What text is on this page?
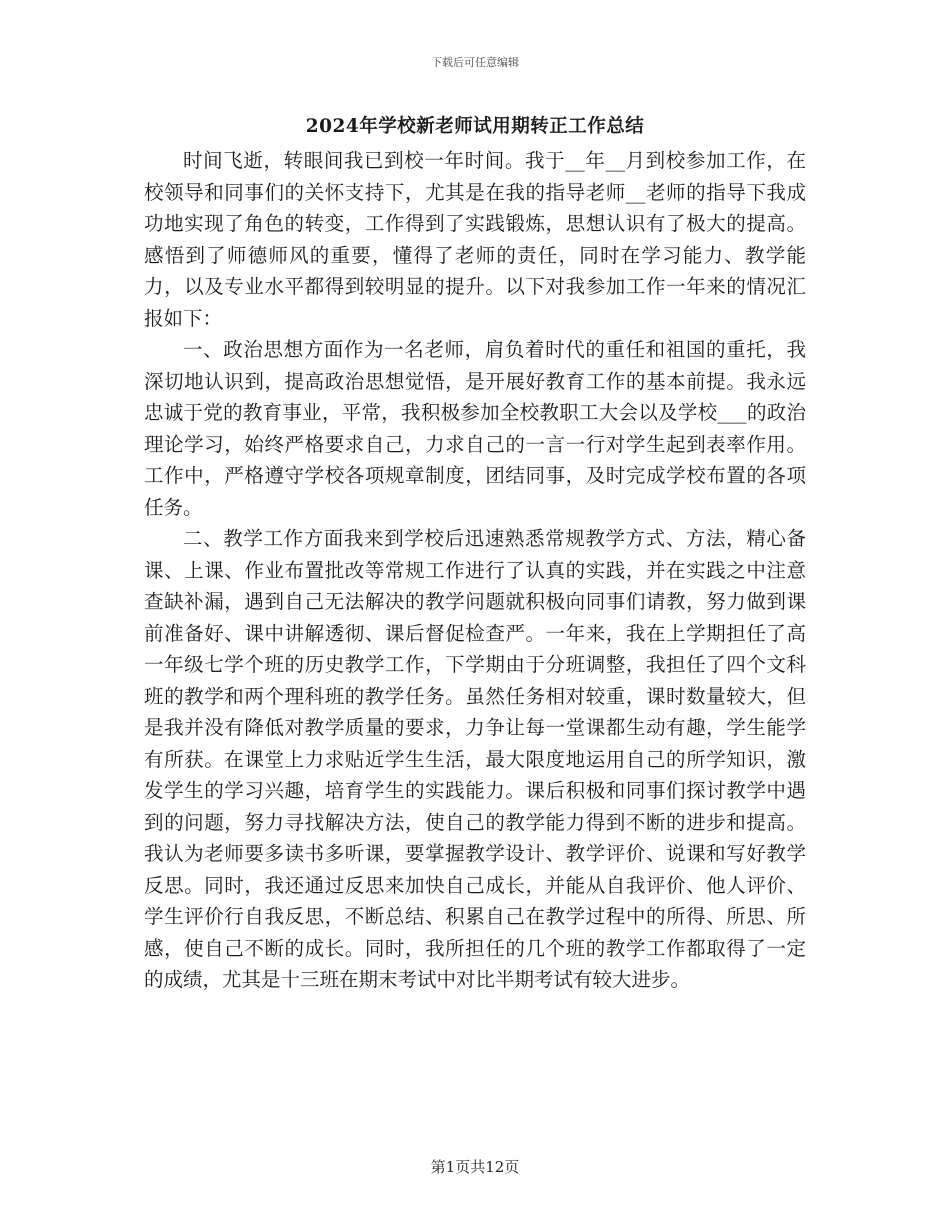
下载后可任意编辑
2024年学校新老师试用期转正工作总结

时间飞逝，转眼间我已到校一年时间。我于__年__月到校参加工作，在校领导和同事们的关怀支持下，尤其是在我的指导老师__老师的指导下我成功地实现了角色的转变，工作得到了实践锻炼，思想认识有了极大的提高。感悟到了师德师风的重要，懂得了老师的责任，同时在学习能力、教学能力，以及专业水平都得到较明显的提升。以下对我参加工作一年来的情况汇报如下：

一、政治思想方面作为一名老师，肩负着时代的重任和祖国的重托，我深切地认识到，提高政治思想觉悟，是开展好教育工作的基本前提。我永远忠诚于党的教育事业，平常，我积极参加全校教职工大会以及学校___的政治理论学习，始终严格要求自己，力求自己的一言一行对学生起到表率作用。工作中，严格遵守学校各项规章制度，团结同事，及时完成学校布置的各项任务。

二、教学工作方面我来到学校后迅速熟悉常规教学方式、方法，精心备课、上课、作业布置批改等常规工作进行了认真的实践，并在实践之中注意查缺补漏，遇到自己无法解决的教学问题就积极向同事们请教，努力做到课前准备好、课中讲解透彻、课后督促检查严。一年来，我在上学期担任了高一年级七学个班的历史教学工作，下学期由于分班调整，我担任了四个文科班的教学和两个理科班的教学任务。虽然任务相对较重，课时数量较大，但是我并没有降低对教学质量的要求，力争让每一堂课都生动有趣，学生能学有所获。在课堂上力求贴近学生生活，最大限度地运用自己的所学知识，激发学生的学习兴趣，培育学生的实践能力。课后积极和同事们探讨教学中遇到的问题，努力寻找解决方法，使自己的教学能力得到不断的进步和提高。我认为老师要多读书多听课，要掌握教学设计、教学评价、说课和写好教学反思。同时，我还通过反思来加快自己成长，并能从自我评价、他人评价、学生评价行自我反思，不断总结、积累自己在教学过程中的所得、所思、所感，使自己不断的成长。同时，我所担任的几个班的教学工作都取得了一定的成绩，尤其是十三班在期末考试中对比半期考试有较大进步。

第1页共12页
